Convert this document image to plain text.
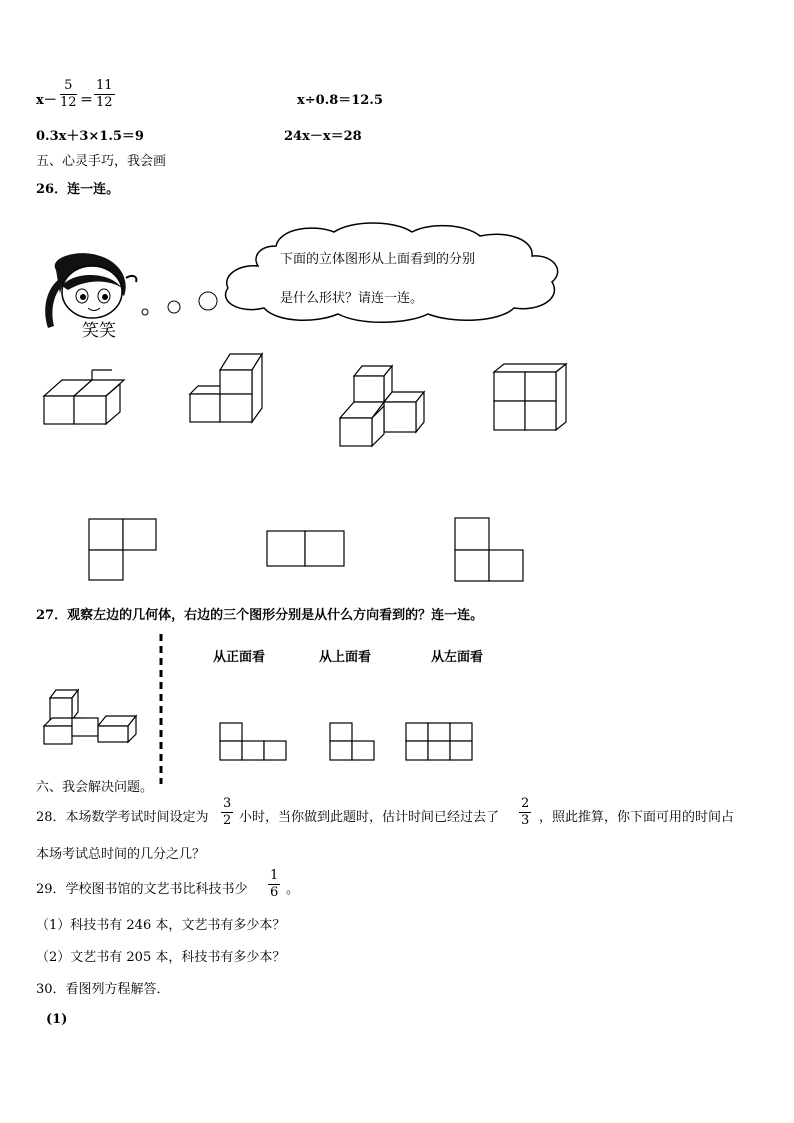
$x- \frac{5}{12} = \frac{11}{12}$	x÷0.8＝12.5
0.3x＋3×1.5＝9	24x－x＝28
五、心灵手巧，我会画
26．连一连。
笑笑
下面的立体图形从上面看到的分别
是什么形状？请连一连。
27．观察左边的几何体，右边的三个图形分别是从什么方向看到的？连一连。
从正面看	从上面看	从左面看
六、我会解决问题。
28．本场数学考试时间设定为 $\frac{3}{2}$ 小时，当你做到此题时，估计时间已经过去了 $\frac{2}{3}$ ，照此推算，你下面可用的时间占
本场考试总时间的几分之几？
29．学校图书馆的文艺书比科技书少 $\frac{1}{6}$ 。
（1）科技书有 246 本，文艺书有多少本？
（2）文艺书有 205 本，科技书有多少本？
30．看图列方程解答．
(1)
